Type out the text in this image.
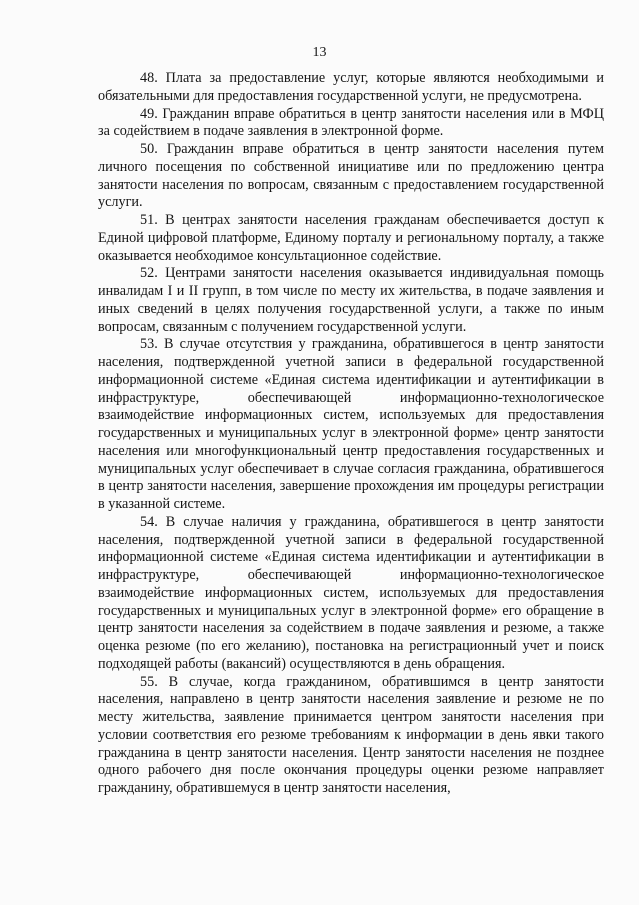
13

48. Плата за предоставление услуг, которые являются необходимыми и обязательными для предоставления государственной услуги, не предусмотрена.

49. Гражданин вправе обратиться в центр занятости населения или в МФЦ за содействием в подаче заявления в электронной форме.

50. Гражданин вправе обратиться в центр занятости населения путем личного посещения по собственной инициативе или по предложению центра занятости населения по вопросам, связанным с предоставлением государственной услуги.

51. В центрах занятости населения гражданам обеспечивается доступ к Единой цифровой платформе, Единому порталу и региональному порталу, а также оказывается необходимое консультационное содействие.

52. Центрами занятости населения оказывается индивидуальная помощь инвалидам I и II групп, в том числе по месту их жительства, в подаче заявления и иных сведений в целях получения государственной услуги, а также по иным вопросам, связанным с получением государственной услуги.

53. В случае отсутствия у гражданина, обратившегося в центр занятости населения, подтвержденной учетной записи в федеральной государственной информационной системе «Единая система идентификации и аутентификации в инфраструктуре, обеспечивающей информационно-технологическое взаимодействие информационных систем, используемых для предоставления государственных и муниципальных услуг в электронной форме» центр занятости населения или многофункциональный центр предоставления государственных и муниципальных услуг обеспечивает в случае согласия гражданина, обратившегося в центр занятости населения, завершение прохождения им процедуры регистрации в указанной системе.

54. В случае наличия у гражданина, обратившегося в центр занятости населения, подтвержденной учетной записи в федеральной государственной информационной системе «Единая система идентификации и аутентификации в инфраструктуре, обеспечивающей информационно-технологическое взаимодействие информационных систем, используемых для предоставления государственных и муниципальных услуг в электронной форме» его обращение в центр занятости населения за содействием в подаче заявления и резюме, а также оценка резюме (по его желанию), постановка на регистрационный учет и поиск подходящей работы (вакансий) осуществляются в день обращения.

55. В случае, когда гражданином, обратившимся в центр занятости населения, направлено в центр занятости населения заявление и резюме не по месту жительства, заявление принимается центром занятости населения при условии соответствия его резюме требованиям к информации в день явки такого гражданина в центр занятости населения. Центр занятости населения не позднее одного рабочего дня после окончания процедуры оценки резюме направляет гражданину, обратившемуся в центр занятости населения,
